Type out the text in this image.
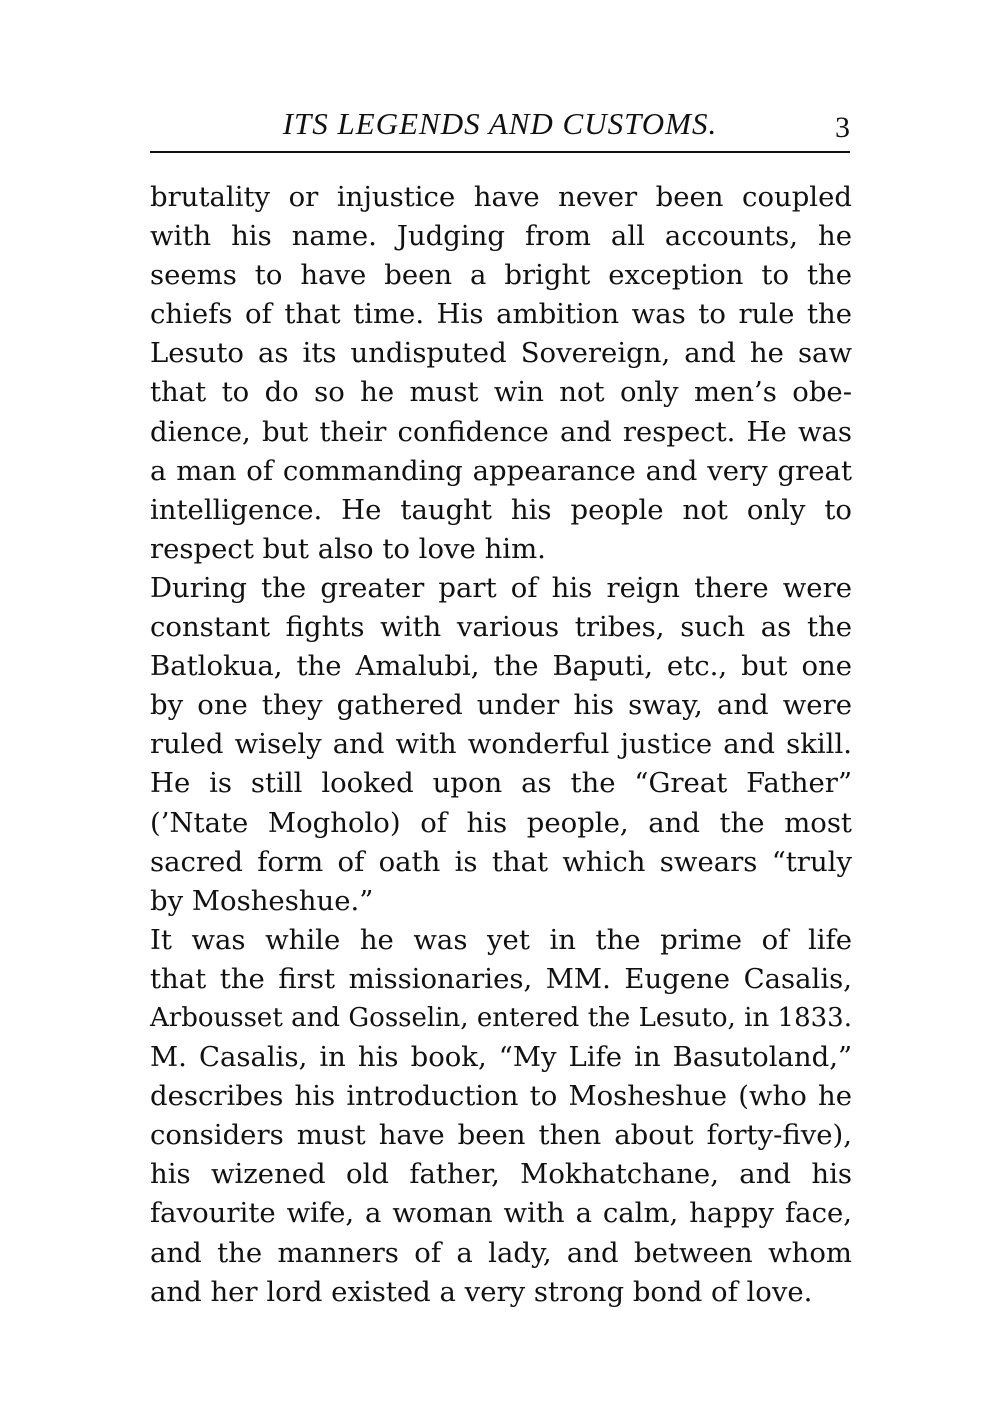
ITS LEGENDS AND CUSTOMS.	3
brutality or injustice have never been coupled
with his name. Judging from all accounts, he
seems to have been a bright exception to the
chiefs of that time. His ambition was to rule the
Lesuto as its undisputed Sovereign, and he saw
that to do so he must win not only men’s obe-
dience, but their confidence and respect. He was
a man of commanding appearance and very great
intelligence. He taught his people not only to
respect but also to love him.
During the greater part of his reign there were
constant fights with various tribes, such as the
Batlokua, the Amalubi, the Baputi, etc., but one
by one they gathered under his sway, and were
ruled wisely and with wonderful justice and skill.
He is still looked upon as the “Great Father”
(’Ntate Mogholo) of his people, and the most
sacred form of oath is that which swears “truly
by Mosheshue.”
It was while he was yet in the prime of life
that the first missionaries, MM. Eugene Casalis,
Arbousset and Gosselin, entered the Lesuto, in 1833.
M. Casalis, in his book, “My Life in Basutoland,”
describes his introduction to Mosheshue (who he
considers must have been then about forty-five),
his wizened old father, Mokhatchane, and his
favourite wife, a woman with a calm, happy face,
and the manners of a lady, and between whom
and her lord existed a very strong bond of love.
